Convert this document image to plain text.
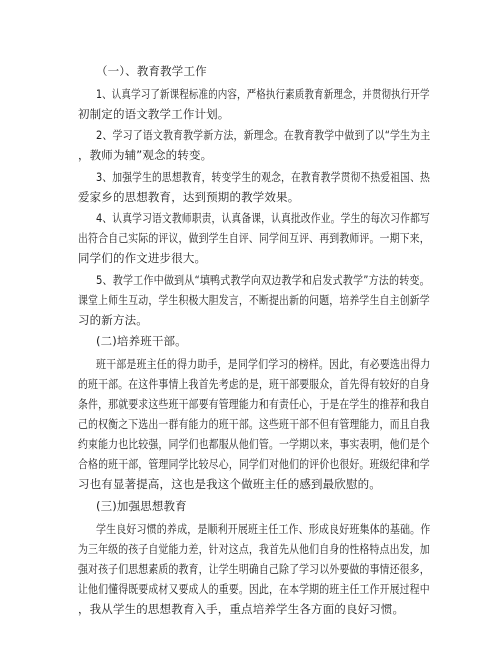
（一）、教育教学工作
1、认真学习了新课程标准的内容，严格执行素质教育新理念，并贯彻执行开学
初制定的语文教学工作计划。
2、学习了语文教育教学新方法，新理念。在教育教学中做到了以“学生为主
，教师为辅”观念的转变。
3、加强学生的思想教育，转变学生的观念，在教育教学贯彻不热爱祖国、热
爱家乡的思想教育，达到预期的教学效果。
4、认真学习语文教师职责，认真备课，认真批改作业。学生的每次习作都写
出符合自己实际的评议，做到学生自评、同学间互评、再到教师评。一期下来，
同学们的作文进步很大。
5、教学工作中做到从“填鸭式教学向双边教学和启发式教学”方法的转变。
课堂上师生互动，学生积极大胆发言，不断提出新的问题，培养学生自主创新学
习的新方法。
(二)培养班干部。
班干部是班主任的得力助手，是同学们学习的榜样。因此，有必要选出得力
的班干部。在这件事情上我首先考虑的是，班干部要服众，首先得有较好的自身
条件，那就要求这些班干部要有管理能力和有责任心，于是在学生的推荐和我自
己的权衡之下选出一群有能力的班干部。这些班干部不但有管理能力，而且自我
约束能力也比较强，同学们也都服从他们管。一学期以来，事实表明，他们是个
合格的班干部，管理同学比较尽心，同学们对他们的评价也很好。班级纪律和学
习也有显著提高，这也是我这个做班主任的感到最欣慰的。
(三)加强思想教育
学生良好习惯的养成，是顺利开展班主任工作、形成良好班集体的基础。作
为三年级的孩子自觉能力差，针对这点，我首先从他们自身的性格特点出发，加
强对孩子们思想素质的教育，让学生明确自己除了学习以外要做的事情还很多，
让他们懂得既要成材又要成人的重要。因此，在本学期的班主任工作开展过程中
，我从学生的思想教育入手，重点培养学生各方面的良好习惯。
